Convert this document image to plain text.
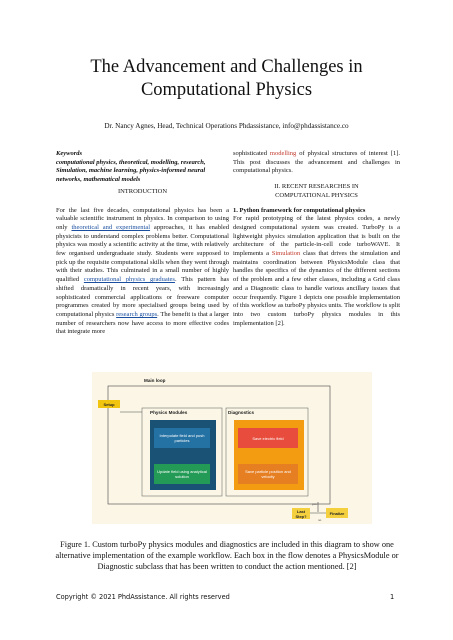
The Advancement and Challenges in
Computational Physics
Dr. Nancy Agnes, Head, Technical Operations Phdassistance, info@phdassistance.co
Keywords
computational physics, theoretical, modelling, research, Simulation, machine learning, physics-informed neural networks, mathematical models
INTRODUCTION

For the last five decades, computational physics has been a valuable scientific instrument in physics. In comparison to using only theoretical and experimental approaches, it has enabled physicists to understand complex problems better. Computational physics was mostly a scientific activity at the time, with relatively few organised undergraduate study. Students were supposed to pick up the requisite computational skills when they went through with their studies. This culminated in a small number of highly qualified computational physics graduates. This pattern has shifted dramatically in recent years, with increasingly sophisticated commercial applications or freeware computer programmes created by more specialised groups being used by computational physics research groups. The benefit is that a larger number of researchers now have access to more effective codes that integrate more

sophisticated modelling of physical structures of interest [1]. This post discusses the advancement and challenges in computational physics.

II. RECENT RESEARCHES IN
COMPUTATIONAL PHYSICS
1. Python framework for computational physics

For rapid prototyping of the latest physics codes, a newly designed computational system was created. TurboPy is a lightweight physics simulation application that is built on the architecture of the particle-in-cell code turboWAVE. It implements a Simulation class that drives the simulation and maintains coordination between PhysicsModule class that handles the specifics of the dynamics of the different sections of the problem and a few other classes, including a Grid class and a Diagnostic class to handle various ancillary issues that occur frequently. Figure 1 depicts one possible implementation of this workflow as turboPy physics units. The workflow is split into two custom turboPy physics modules in this implementation [2].

Main loop
Setup
Physics Modules	Diagnostics
Interpolate field and push particles
Update field using analytical solution
Save electric field
Save particle position and velocity
Last Step?
Finalize
yes
no
Figure 1. Custom turboPy physics modules and diagnostics are included in this diagram to show one alternative implementation of the example workflow. Each box in the flow denotes a PhysicsModule or Diagnostic subclass that has been written to conduct the action mentioned. [2]
Copyright © 2021 PhdAssistance. All rights reserved	1
